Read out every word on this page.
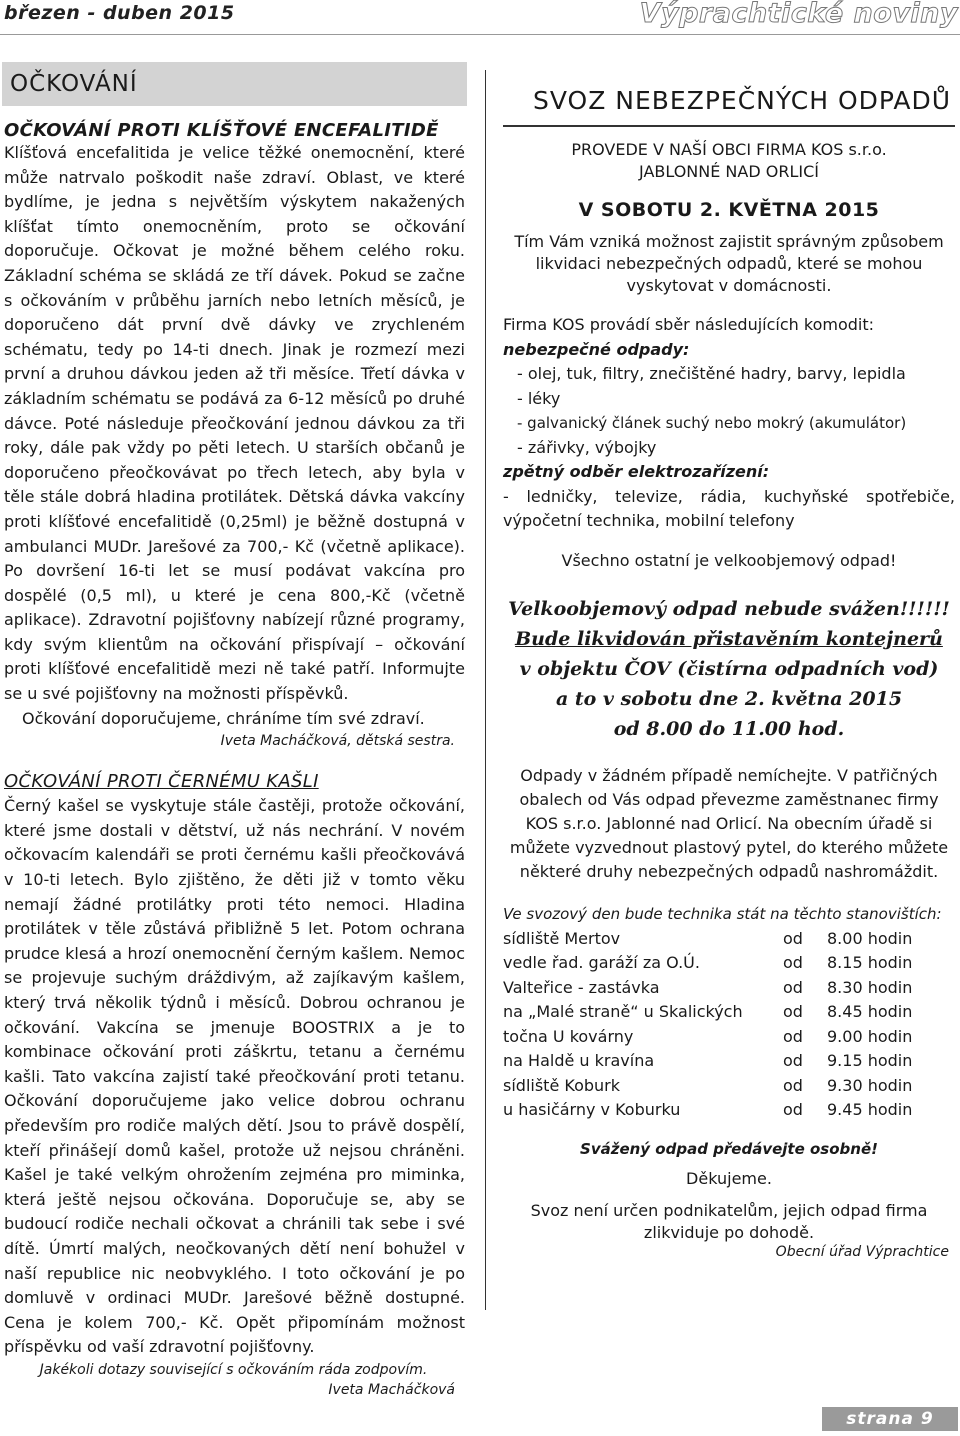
březen - duben 2015	Výprachtické noviny
OČKOVÁNÍ
OČKOVÁNÍ PROTI KLÍŠŤOVÉ ENCEFALITIDĚ
Klíšťová encefalitida je velice těžké onemocnění, které může natrvalo poškodit naše zdraví. Oblast, ve které bydlíme, je jedna s největším výskytem nakažených klíšťat tímto onemocněním, proto se očkování doporučuje. Očkovat je možné během celého roku. Základní schéma se skládá ze tří dávek. Pokud se začne s očkováním v průběhu jarních nebo letních měsíců, je doporučeno dát první dvě dávky ve zrychleném schématu, tedy po 14-ti dnech. Jinak je rozmezí mezi první a druhou dávkou jeden až tři měsíce. Třetí dávka v základním schématu se podává za 6-12 měsíců po druhé dávce. Poté následuje přeočkování jednou dávkou za tři roky, dále pak vždy po pěti letech. U starších občanů je doporučeno přeočkovávat po třech letech, aby byla v těle stále dobrá hladina protilátek. Dětská dávka vakcíny proti klíšťové encefalitidě (0,25ml) je běžně dostupná v ambulanci MUDr. Jarešové za 700,- Kč (včetně aplikace). Po dovršení 16-ti let se musí podávat vakcína pro dospělé (0,5 ml), u které je cena 800,-Kč (včetně aplikace). Zdravotní pojišťovny nabízejí různé programy, kdy svým klientům na očkování přispívají – očkování proti klíšťové encefalitidě mezi ně také patří. Informujte se u své pojišťovny na možnosti příspěvků.
Očkování doporučujeme, chráníme tím své zdraví.
Iveta Macháčková, dětská sestra.
OČKOVÁNÍ PROTI ČERNÉMU KAŠLI
Černý kašel se vyskytuje stále častěji, protože očkování, které jsme dostali v dětství, už nás nechrání. V novém očkovacím kalendáři se proti černému kašli přeočkovává v 10-ti letech. Bylo zjištěno, že děti již v tomto věku nemají žádné protilátky proti této nemoci. Hladina protilátek v těle zůstává přibližně 5 let. Potom ochrana prudce klesá a hrozí onemocnění černým kašlem. Nemoc se projevuje suchým dráždivým, až zajíkavým kašlem, který trvá několik týdnů i měsíců. Dobrou ochranou je očkování. Vakcína se jmenuje BOOSTRIX a je to kombinace očkování proti záškrtu, tetanu a černému kašli. Tato vakcína zajistí také přeočkování proti tetanu. Očkování doporučujeme jako velice dobrou ochranu především pro rodiče malých dětí. Jsou to právě dospělí, kteří přinášejí domů kašel, protože už nejsou chráněni. Kašel je také velkým ohrožením zejména pro miminka, která ještě nejsou očkována. Doporučuje se, aby se budoucí rodiče nechali očkovat a chránili tak sebe i své dítě. Úmrtí malých, neočkovaných dětí není bohužel v naší republice nic neobvyklého. I toto očkování je po domluvě v ordinaci MUDr. Jarešové běžně dostupné. Cena je kolem 700,- Kč. Opět připomínám možnost příspěvku od vaší zdravotní pojišťovny.
Jakékoli dotazy související s očkováním ráda zodpovím.
Iveta Macháčková
SVOZ NEBEZPEČNÝCH ODPADŮ
PROVEDE V NAŠÍ OBCI FIRMA KOS s.r.o.
JABLONNÉ NAD ORLICÍ
V SOBOTU 2. KVĚTNA 2015
Tím Vám vzniká možnost zajistit správným způsobem likvidaci nebezpečných odpadů, které se mohou vyskytovat v domácnosti.
Firma KOS provádí sběr následujících komodit:
nebezpečné odpady:
- olej, tuk, filtry, znečištěné hadry, barvy, lepidla
- léky
- galvanický článek suchý nebo mokrý (akumulátor)
- zářivky, výbojky
zpětný odběr elektrozařízení:
- ledničky, televize, rádia, kuchyňské spotřebiče, výpočetní technika, mobilní telefony
Všechno ostatní je velkoobjemový odpad!
Velkoobjemový odpad nebude svážen!!!!!!
Bude likvidován přistavěním kontejnerů
v objektu ČOV (čistírna odpadních vod)
a to v sobotu dne 2. května 2015
od 8.00 do 11.00 hod.
Odpady v žádném případě nemíchejte. V patřičných obalech od Vás odpad převezme zaměstnanec firmy KOS s.r.o. Jablonné nad Orlicí. Na obecním úřadě si můžete vyzvednout plastový pytel, do kterého můžete některé druhy nebezpečných odpadů nashromáždit.
Ve svozový den bude technika stát na těchto stanovištích:
sídliště Mertov	od	8.00 hodin
vedle řad. garáží za O.Ú.	od	8.15 hodin
Valteřice - zastávka	od	8.30 hodin
na „Malé straně“ u Skalických	od	8.45 hodin
točna U kovárny	od	9.00 hodin
na Haldě u kravína	od	9.15 hodin
sídliště Koburk	od	9.30 hodin
u hasičárny v Koburku	od	9.45 hodin
Svážený odpad předávejte osobně!
Děkujeme.
Svoz není určen podnikatelům, jejich odpad firma zlikviduje po dohodě.
Obecní úřad Výprachtice
strana 9
